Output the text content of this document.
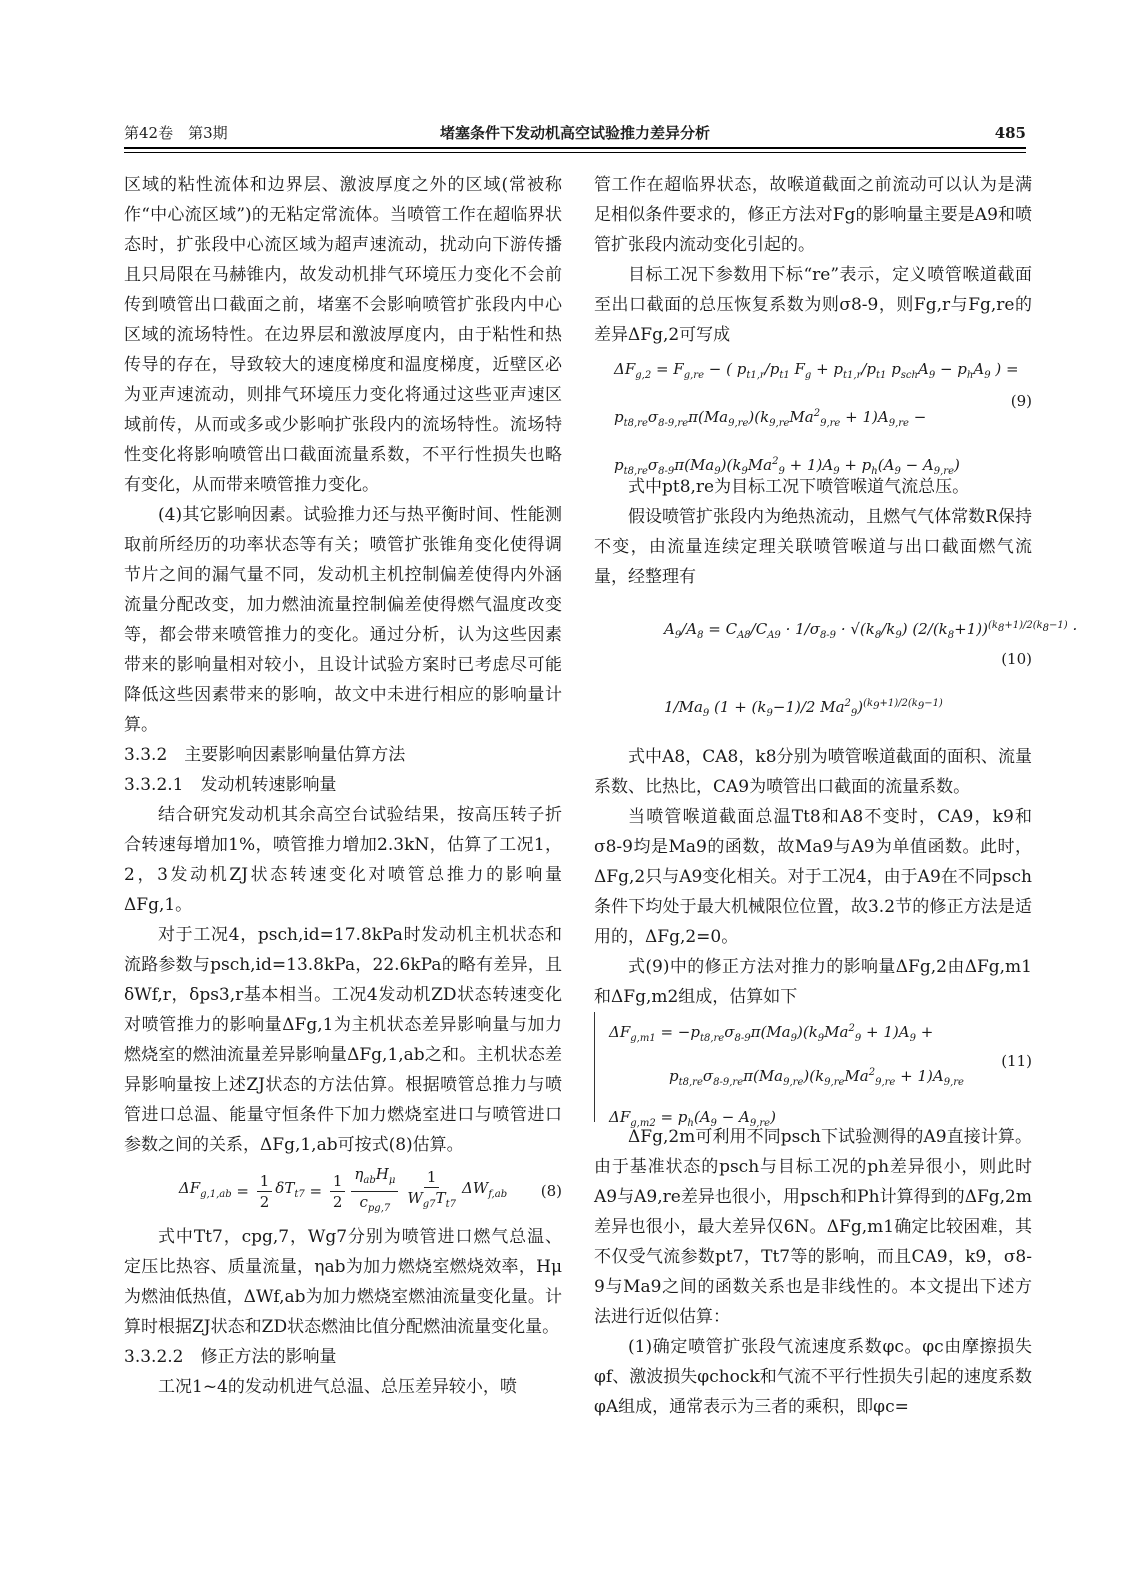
第42卷　第3期	堵塞条件下发动机高空试验推力差异分析	485

区域的粘性流体和边界层、激波厚度之外的区域(常被称作“中心流区域”)的无粘定常流体。当喷管工作在超临界状态时，扩张段中心流区域为超声速流动，扰动向下游传播且只局限在马赫锥内，故发动机排气环境压力变化不会前传到喷管出口截面之前，堵塞不会影响喷管扩张段内中心区域的流场特性。在边界层和激波厚度内，由于粘性和热传导的存在，导致较大的速度梯度和温度梯度，近壁区必为亚声速流动，则排气环境压力变化将通过这些亚声速区域前传，从而或多或少影响扩张段内的流场特性。流场特性变化将影响喷管出口截面流量系数，不平行性损失也略有变化，从而带来喷管推力变化。

(4)其它影响因素。试验推力还与热平衡时间、性能测取前所经历的功率状态等有关；喷管扩张锥角变化使得调节片之间的漏气量不同，发动机主机控制偏差使得内外涵流量分配改变，加力燃油流量控制偏差使得燃气温度改变等，都会带来喷管推力的变化。通过分析，认为这些因素带来的影响量相对较小，且设计试验方案时已考虑尽可能降低这些因素带来的影响，故文中未进行相应的影响量计算。

3.3.2　主要影响因素影响量估算方法

3.3.2.1　发动机转速影响量

结合研究发动机其余高空台试验结果，按高压转子折合转速每增加1%，喷管推力增加2.3kN，估算了工况1，2，3发动机ZJ状态转速变化对喷管总推力的影响量ΔFg,1。

对于工况4，psch,id=17.8kPa时发动机主机状态和流路参数与psch,id=13.8kPa，22.6kPa的略有差异，且δWf,r，δps3,r基本相当。工况4发动机ZD状态转速变化对喷管推力的影响量ΔFg,1为主机状态差异影响量与加力燃烧室的燃油流量差异影响量ΔFg,1,ab之和。主机状态差异影响量按上述ZJ状态的方法估算。根据喷管总推力与喷管进口总温、能量守恒条件下加力燃烧室进口与喷管进口参数之间的关系，ΔFg,1,ab可按式(8)估算。

$\Delta F_{g,1,ab} = \frac{1}{2} \delta T_{t7} = \frac{1}{2} \frac{\eta_{ab}H_\mu}{c_{pg,7}} \frac{1}{W_{g7}T_{t7}} \Delta W_{f,ab}$ (8)

式中Tt7，cpg,7，Wg7分别为喷管进口燃气总温、定压比热容、质量流量，ηab为加力燃烧室燃烧效率，Hμ为燃油低热值，ΔWf,ab为加力燃烧室燃油流量变化量。计算时根据ZJ状态和ZD状态燃油比值分配燃油流量变化量。

3.3.2.2　修正方法的影响量

工况1~4的发动机进气总温、总压差异较小，喷

管工作在超临界状态，故喉道截面之前流动可以认为是满足相似条件要求的，修正方法对Fg的影响量主要是A9和喷管扩张段内流动变化引起的。

目标工况下参数用下标“re”表示，定义喷管喉道截面至出口截面的总压恢复系数为则σ8-9，则Fg,r与Fg,re的差异ΔFg,2可写成

$\Delta F_{g,2} = F_{g,re}$ − ( $p_{t1,r}/p_{t1}$ $F_g + p_{t1,r}/p_{t1}$ $p_{sch}A_9 - p_hA_9$ ) =
$p_{t8,re}\sigma_{8-9,re}\pi(Ma_{9,re})(k_{9,re}Ma^2_{9,re} + 1)A_{9,re}$ −
$p_{t8,re}\sigma_{8-9}\pi(Ma_9)(k_9Ma^2_9 + 1)A_9 + p_h(A_9 - A_{9,re})$
(9)

式中pt8,re为目标工况下喷管喉道气流总压。

假设喷管扩张段内为绝热流动，且燃气气体常数R保持不变，由流量连续定理关联喷管喉道与出口截面燃气流量，经整理有

$A_9/A_8 = C_{A8}/C_{A9} \cdot 1/\sigma_{8-9} \cdot √(k_8/k_9) (2/(k_8+1))^{(k_8+1)/2(k_8-1)}$ ·
$1/Ma_9$ ($1 + (k_9-1)/2$ $Ma^2_9)^{(k_9+1)/2(k_9-1)}$
(10)

式中A8，CA8，k8分别为喷管喉道截面的面积、流量系数、比热比，CA9为喷管出口截面的流量系数。

当喷管喉道截面总温Tt8和A8不变时，CA9，k9和σ8-9均是Ma9的函数，故Ma9与A9为单值函数。此时，ΔFg,2只与A9变化相关。对于工况4，由于A9在不同psch条件下均处于最大机械限位位置，故3.2节的修正方法是适用的，ΔFg,2=0。

式(9)中的修正方法对推力的影响量ΔFg,2由ΔFg,m1和ΔFg,m2组成，估算如下

$\Delta F_{g,m1} = -p_{t8,re}\sigma_{8-9}\pi(Ma_9)(k_9Ma^2_9 + 1)A_9$ +
$p_{t8,re}\sigma_{8-9,re}\pi(Ma_{9,re})(k_{9,re}Ma^2_{9,re} + 1)A_{9,re}$
$\Delta F_{g,m2} = p_h(A_9 - A_{9,re})$
(11)

ΔFg,2m可利用不同psch下试验测得的A9直接计算。由于基准状态的psch与目标工况的ph差异很小，则此时A9与A9,re差异也很小，用psch和Ph计算得到的ΔFg,2m差异也很小，最大差异仅6N。ΔFg,m1确定比较困难，其不仅受气流参数pt7，Tt7等的影响，而且CA9，k9，σ8-9与Ma9之间的函数关系也是非线性的。本文提出下述方法进行近似估算：

(1)确定喷管扩张段气流速度系数φc。φc由摩擦损失φf、激波损失φchock和气流不平行性损失引起的速度系数φA组成，通常表示为三者的乘积，即φc=
